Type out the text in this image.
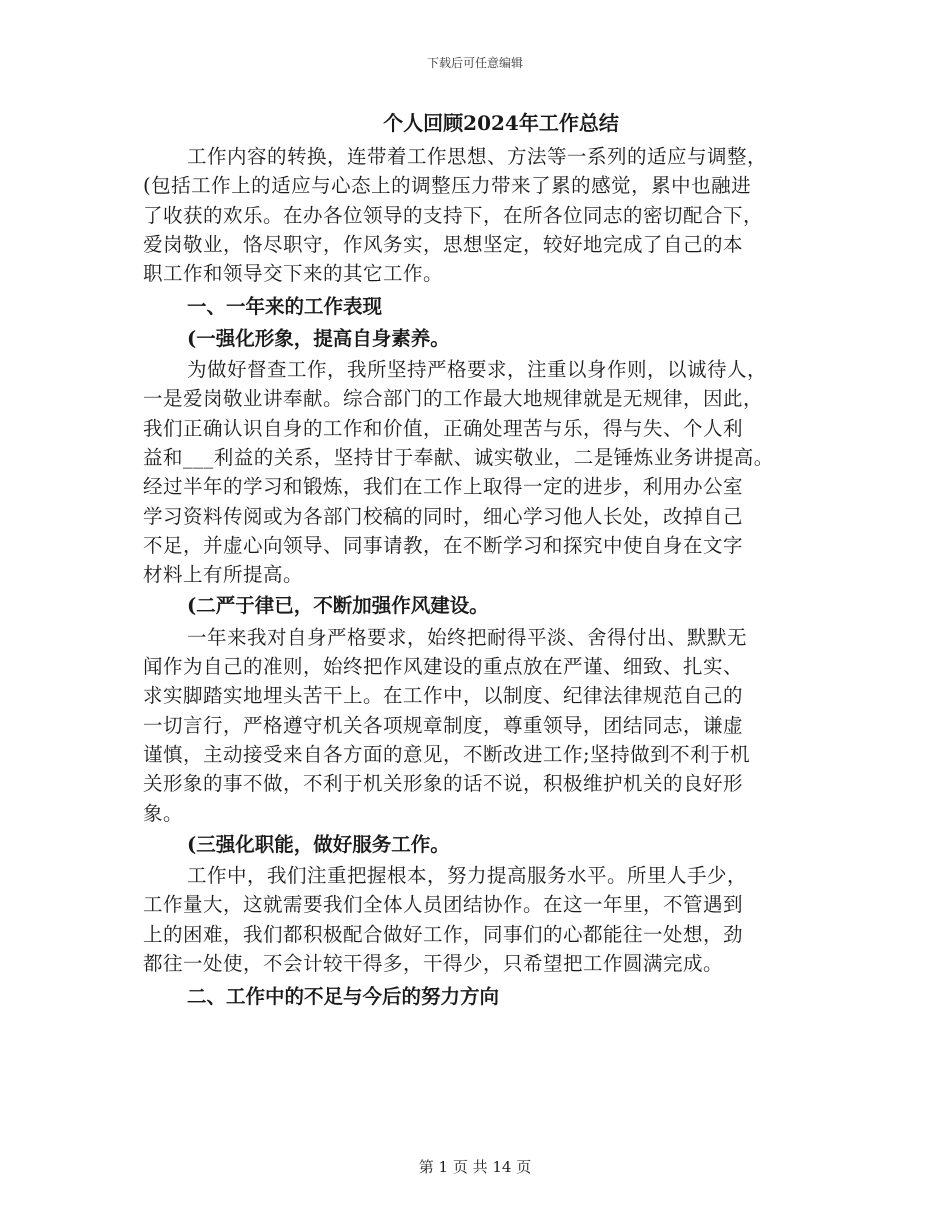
下载后可任意编辑
个人回顾2024年工作总结
工作内容的转换，连带着工作思想、方法等一系列的适应与调整，
(包括工作上的适应与心态上的调整压力带来了累的感觉，累中也融进
了收获的欢乐。在办各位领导的支持下，在所各位同志的密切配合下，
爱岗敬业，恪尽职守，作风务实，思想坚定，较好地完成了自己的本
职工作和领导交下来的其它工作。
一、一年来的工作表现
(一强化形象，提高自身素养。
为做好督查工作，我所坚持严格要求，注重以身作则，以诚待人，
一是爱岗敬业讲奉献。综合部门的工作最大地规律就是无规律，因此，
我们正确认识自身的工作和价值，正确处理苦与乐，得与失、个人利
益和___利益的关系，坚持甘于奉献、诚实敬业，二是锤炼业务讲提高。
经过半年的学习和锻炼，我们在工作上取得一定的进步，利用办公室
学习资料传阅或为各部门校稿的同时，细心学习他人长处，改掉自己
不足，并虚心向领导、同事请教，在不断学习和探究中使自身在文字
材料上有所提高。
(二严于律已，不断加强作风建设。
一年来我对自身严格要求，始终把耐得平淡、舍得付出、默默无
闻作为自己的准则，始终把作风建设的重点放在严谨、细致、扎实、
求实脚踏实地埋头苦干上。在工作中，以制度、纪律法律规范自己的
一切言行，严格遵守机关各项规章制度，尊重领导，团结同志，谦虚
谨慎，主动接受来自各方面的意见，不断改进工作;坚持做到不利于机
关形象的事不做，不利于机关形象的话不说，积极维护机关的良好形
象。
(三强化职能，做好服务工作。
工作中，我们注重把握根本，努力提高服务水平。所里人手少，
工作量大，这就需要我们全体人员团结协作。在这一年里，不管遇到
上的困难，我们都积极配合做好工作，同事们的心都能往一处想，劲
都往一处使，不会计较干得多，干得少，只希望把工作圆满完成。
二、工作中的不足与今后的努力方向
第 1 页 共 14 页
